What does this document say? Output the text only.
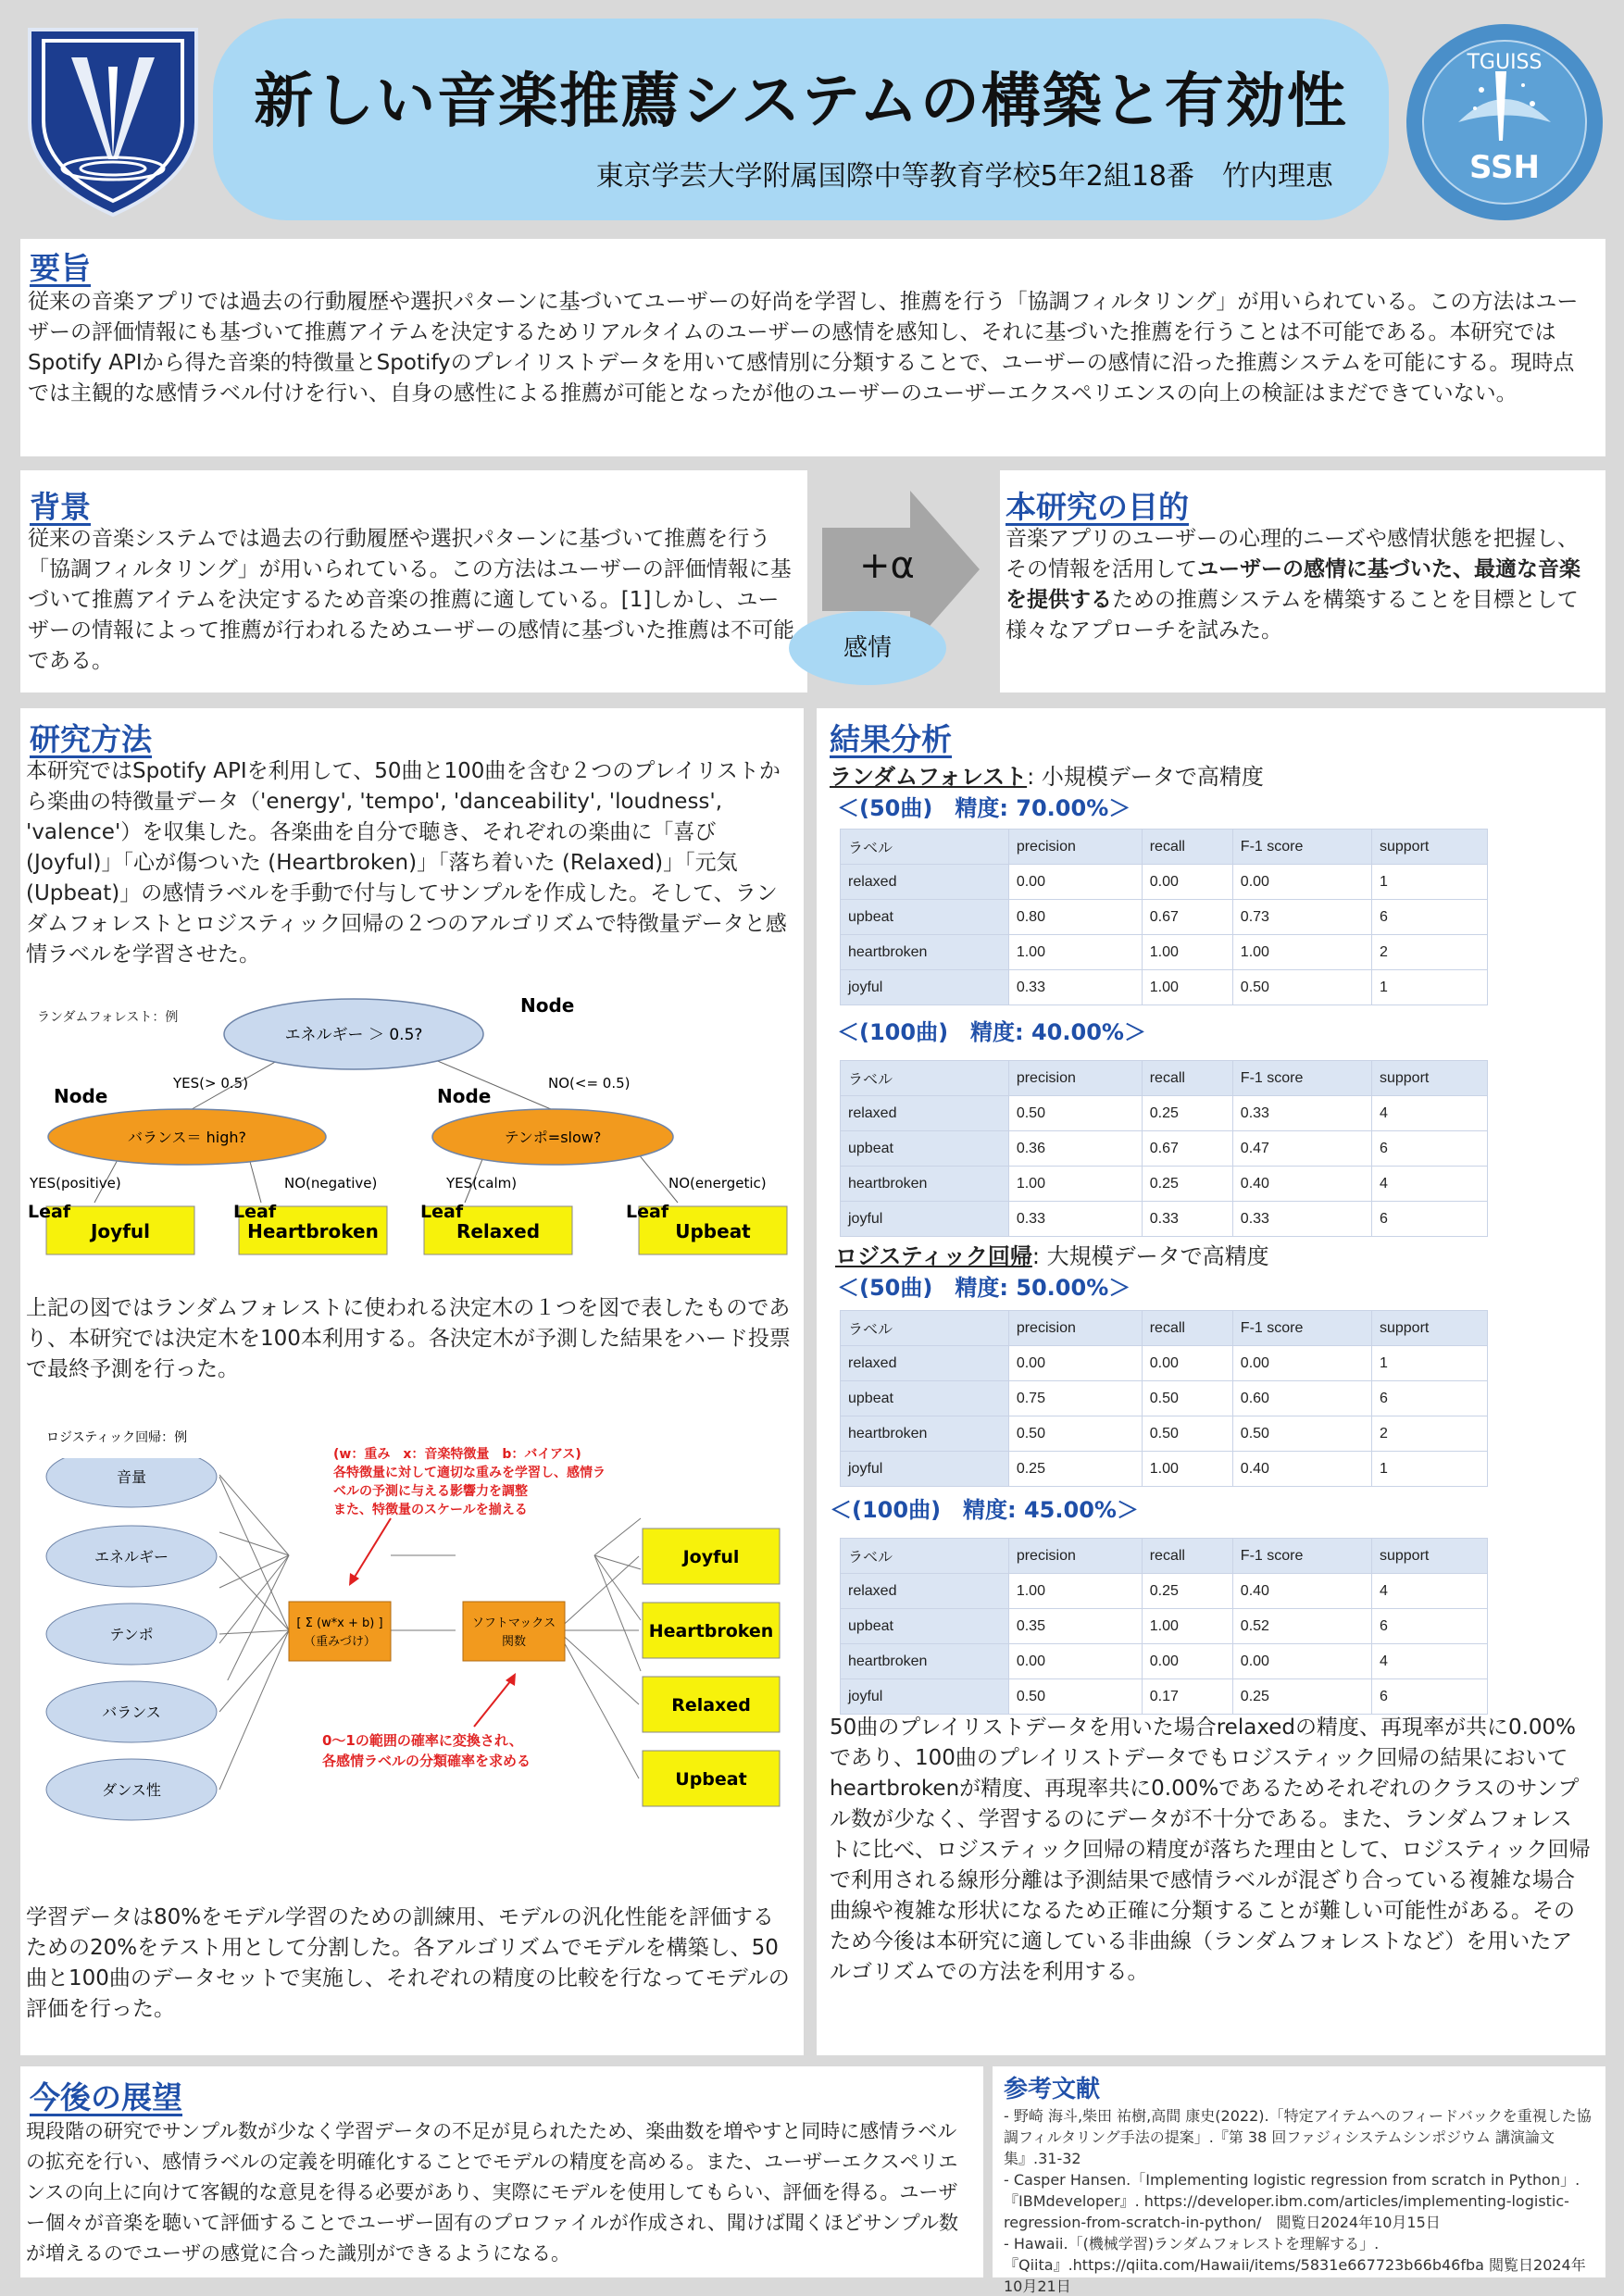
新しい音楽推薦システムの構築と有効性
東京学芸大学附属国際中等教育学校5年2組18番　竹内理恵
TGUISS
SSH
要旨
従来の音楽アプリでは過去の行動履歴や選択パターンに基づいてユーザーの好尚を学習し、推薦を行う「協調フィルタリング」が用いられている。この方法はユーザーの評価情報にも基づいて推薦アイテムを決定するためリアルタイムのユーザーの感情を感知し、それに基づいた推薦を行うことは不可能である。本研究ではSpotify APIから得た音楽的特徴量とSpotifyのプレイリストデータを用いて感情別に分類することで、ユーザーの感情に沿った推薦システムを可能にする。現時点では主観的な感情ラベル付けを行い、自身の感性による推薦が可能となったが他のユーザーのユーザーエクスペリエンスの向上の検証はまだできていない。
背景
従来の音楽システムでは過去の行動履歴や選択パターンに基づいて推薦を行う「協調フィルタリング」が用いられている。この方法はユーザーの評価情報に基づいて推薦アイテムを決定するため音楽の推薦に適している。[1]しかし、ユーザーの情報によって推薦が行われるためユーザーの感情に基づいた推薦は不可能である。
+α
感情
本研究の目的
音楽アプリのユーザーの心理的ニーズや感情状態を把握し、その情報を活用してユーザーの感情に基づいた、最適な音楽を提供するための推薦システムを構築することを目標として様々なアプローチを試みた。
研究方法
本研究ではSpotify APIを利用して、50曲と100曲を含む２つのプレイリストから楽曲の特徴量データ（'energy', 'tempo', 'danceability', 'loudness', 'valence'）を収集した。各楽曲を自分で聴き、それぞれの楽曲に「喜び (Joyful)」「心が傷ついた (Heartbroken)」「落ち着いた (Relaxed)」「元気 (Upbeat)」の感情ラベルを手動で付与してサンプルを作成した。そして、ランダムフォレストとロジスティック回帰の２つのアルゴリズムで特徴量データと感情ラベルを学習させた。
ランダムフォレスト：例
エネルギー ＞ 0.5?
Node
YES(> 0.5)	NO(<= 0.5)
Node	Node
バランス＝ high?	テンポ=slow?
YES(positive)	NO(negative)	YES(calm)	NO(energetic)
Leaf	Leaf	Leaf	Leaf
Joyful	Heartbroken	Relaxed	Upbeat
上記の図ではランダムフォレストに使われる決定木の１つを図で表したものであり、本研究では決定木を100本利用する。各決定木が予測した結果をハード投票で最終予測を行った。
ロジスティック回帰：例
(w：重み　x：音楽特徴量　b：バイアス)
各特徴量に対して適切な重みを学習し、感情ラ
ベルの予測に与える影響力を調整
また、特徴量のスケールを揃える
音量
エネルギー
テンポ
バランス
ダンス性
[ Σ (w*x + b) ]
（重みづけ）
ソフトマックス
関数
Joyful
Heartbroken
Relaxed
Upbeat
0～1の範囲の確率に変換され、
各感情ラベルの分類確率を求める
学習データは80%をモデル学習のための訓練用、モデルの汎化性能を評価するための20%をテスト用として分割した。各アルゴリズムでモデルを構築し、50曲と100曲のデータセットで実施し、それぞれの精度の比較を行なってモデルの評価を行った。
結果分析
ランダムフォレスト: 小規模データで高精度
＜(50曲)　精度: 70.00%＞
ラベル	precision	recall	F-1 score	support
relaxed	0.00	0.00	0.00	1
upbeat	0.80	0.67	0.73	6
heartbroken	1.00	1.00	1.00	2
joyful	0.33	1.00	0.50	1
＜(100曲)　精度: 40.00%＞
ラベル	precision	recall	F-1 score	support
relaxed	0.50	0.25	0.33	4
upbeat	0.36	0.67	0.47	6
heartbroken	1.00	0.25	0.40	4
joyful	0.33	0.33	0.33	6
ロジスティック回帰: 大規模データで高精度
＜(50曲)　精度: 50.00%＞
ラベル	precision	recall	F-1 score	support
relaxed	0.00	0.00	0.00	1
upbeat	0.75	0.50	0.60	6
heartbroken	0.50	0.50	0.50	2
joyful	0.25	1.00	0.40	1
＜(100曲)　精度: 45.00%＞
ラベル	precision	recall	F-1 score	support
relaxed	1.00	0.25	0.40	4
upbeat	0.35	1.00	0.52	6
heartbroken	0.00	0.00	0.00	4
joyful	0.50	0.17	0.25	6
50曲のプレイリストデータを用いた場合relaxedの精度、再現率が共に0.00%であり、100曲のプレイリストデータでもロジスティック回帰の結果においてheartbrokenが精度、再現率共に0.00%であるためそれぞれのクラスのサンプル数が少なく、学習するのにデータが不十分である。また、ランダムフォレストに比べ、ロジスティック回帰の精度が落ちた理由として、ロジスティック回帰で利用される線形分離は予測結果で感情ラベルが混ざり合っている複雑な場合曲線や複雑な形状になるため正確に分類することが難しい可能性がある。そのため今後は本研究に適している非曲線（ランダムフォレストなど）を用いたアルゴリズムでの方法を利用する。
今後の展望
現段階の研究でサンプル数が少なく学習データの不足が見られたため、楽曲数を増やすと同時に感情ラベルの拡充を行い、感情ラベルの定義を明確化することでモデルの精度を高める。また、ユーザーエクスペリエンスの向上に向けて客観的な意見を得る必要があり、実際にモデルを使用してもらい、評価を得る。ユーザー個々が音楽を聴いて評価することでユーザー固有のプロファイルが作成され、聞けば聞くほどサンプル数が増えるのでユーザの感覚に合った識別ができるようになる。
参考文献
- 野崎 海斗,柴田 祐樹,高間 康史(2022).「特定アイテムへのフィードバックを重視した協調フィルタリング手法の提案」.『第 38 回ファジィシステムシンポジウム 講演論文集』.31-32
- Casper Hansen.「Implementing logistic regression from scratch in Python」.『IBMdeveloper』. https://developer.ibm.com/articles/implementing-logistic-regression-from-scratch-in-python/　閲覧日2024年10月15日
- Hawaii.「(機械学習)ランダムフォレストを理解する」.『Qiita』.https://qiita.com/Hawaii/items/5831e667723b66b46fba 閲覧日2024年10月21日
